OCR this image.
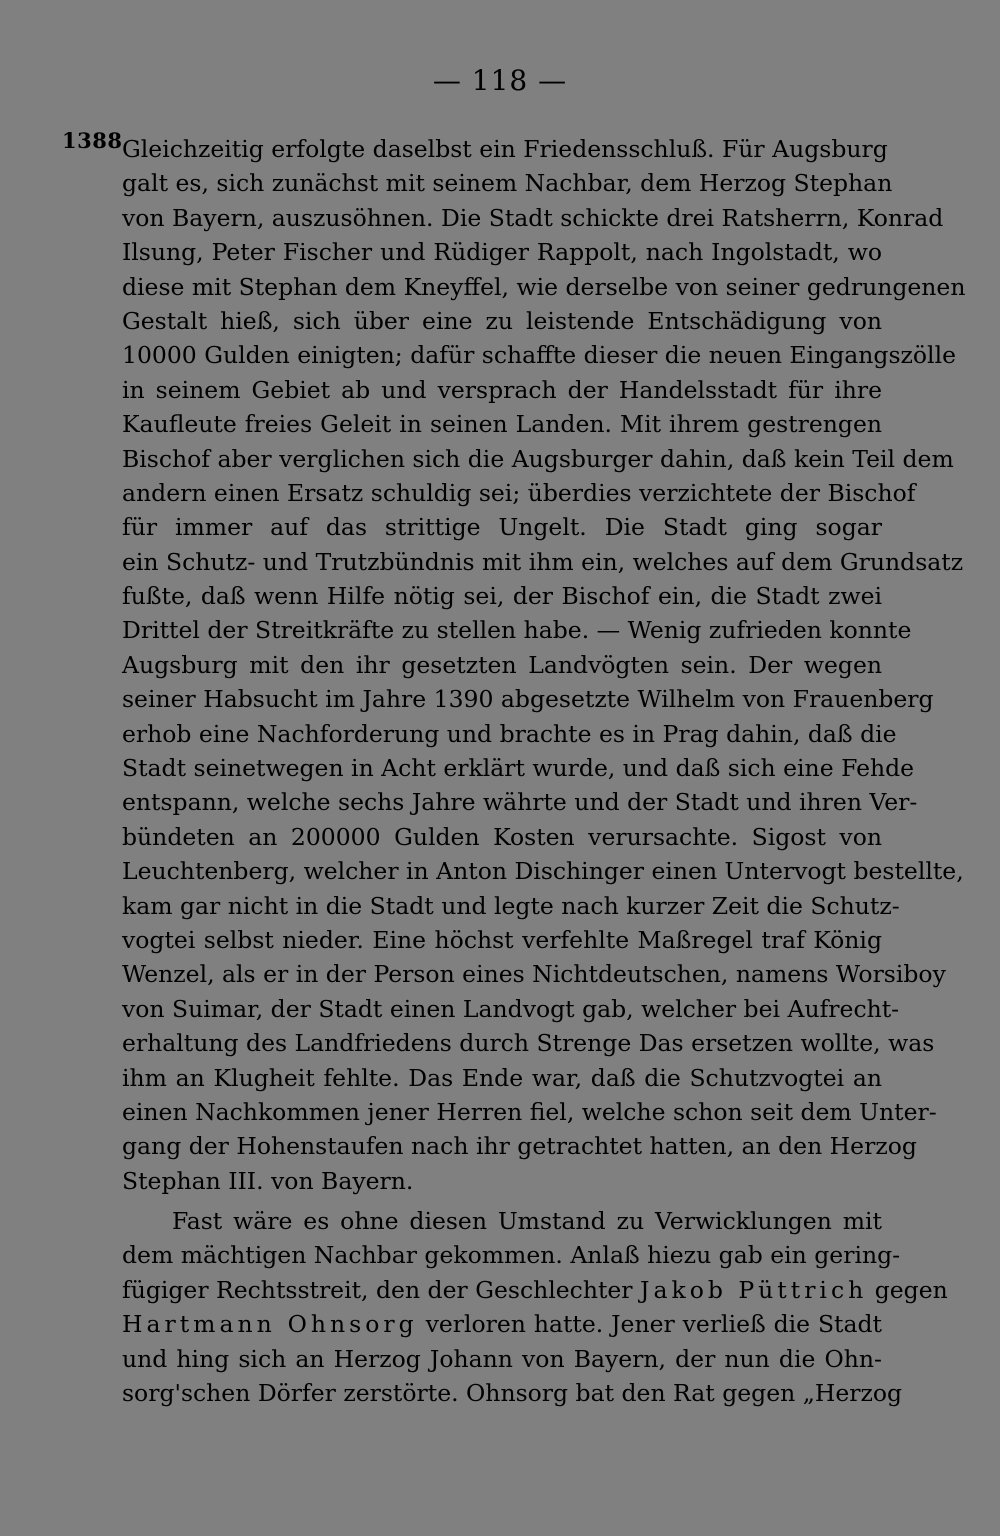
— 118 —
1388 Gleichzeitig erfolgte daselbst ein Friedensschluß. Für Augsburg
galt es, sich zunächst mit seinem Nachbar, dem Herzog Stephan
von Bayern, auszusöhnen. Die Stadt schickte drei Ratsherrn, Konrad
Ilsung, Peter Fischer und Rüdiger Rappolt, nach Ingolstadt, wo
diese mit Stephan dem Kneyffel, wie derselbe von seiner gedrungenen
Gestalt hieß, sich über eine zu leistende Entschädigung von
10000 Gulden einigten; dafür schaffte dieser die neuen Eingangszölle
in seinem Gebiet ab und versprach der Handelsstadt für ihre
Kaufleute freies Geleit in seinen Landen. Mit ihrem gestrengen
Bischof aber verglichen sich die Augsburger dahin, daß kein Teil dem
andern einen Ersatz schuldig sei; überdies verzichtete der Bischof
für immer auf das strittige Ungelt. Die Stadt ging sogar
ein Schutz- und Trutzbündnis mit ihm ein, welches auf dem Grundsatz
fußte, daß wenn Hilfe nötig sei, der Bischof ein, die Stadt zwei
Drittel der Streitkräfte zu stellen habe. — Wenig zufrieden konnte
Augsburg mit den ihr gesetzten Landvögten sein. Der wegen
seiner Habsucht im Jahre 1390 abgesetzte Wilhelm von Frauenberg
erhob eine Nachforderung und brachte es in Prag dahin, daß die
Stadt seinetwegen in Acht erklärt wurde, und daß sich eine Fehde
entspann, welche sechs Jahre währte und der Stadt und ihren Ver-
bündeten an 200000 Gulden Kosten verursachte. Sigost von
Leuchtenberg, welcher in Anton Dischinger einen Untervogt bestellte,
kam gar nicht in die Stadt und legte nach kurzer Zeit die Schutz-
vogtei selbst nieder. Eine höchst verfehlte Maßregel traf König
Wenzel, als er in der Person eines Nichtdeutschen, namens Worsiboy
von Suimar, der Stadt einen Landvogt gab, welcher bei Aufrecht-
erhaltung des Landfriedens durch Strenge Das ersetzen wollte, was
ihm an Klugheit fehlte. Das Ende war, daß die Schutzvogtei an
einen Nachkommen jener Herren fiel, welche schon seit dem Unter-
gang der Hohenstaufen nach ihr getrachtet hatten, an den Herzog
Stephan III. von Bayern.
Fast wäre es ohne diesen Umstand zu Verwicklungen mit
dem mächtigen Nachbar gekommen. Anlaß hiezu gab ein gering-
fügiger Rechtsstreit, den der Geschlechter Jakob Püttrich gegen
Hartmann Ohnsorg verloren hatte. Jener verließ die Stadt
und hing sich an Herzog Johann von Bayern, der nun die Ohn-
sorg'schen Dörfer zerstörte. Ohnsorg bat den Rat gegen „Herzog
